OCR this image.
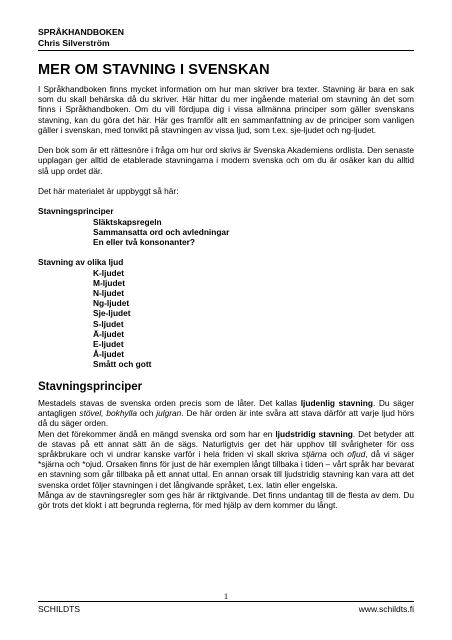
SPRÅKHANDBOKEN
Chris Silverström
MER OM STAVNING I SVENSKAN
I Språkhandboken finns mycket information om hur man skriver bra texter. Stavning är bara en sak som du skall behärska då du skriver. Här hittar du mer ingående material om stavning än det som finns i Språkhandboken. Om du vill fördjupa dig i vissa allmänna principer som gäller svenskans stavning, kan du göra det här. Här ges framför allt en sammanfattning av de principer som vanligen gäller i svenskan, med tonvikt på stavningen av vissa ljud, som t.ex. sje-ljudet och ng-ljudet.
Den bok som är ett rättesnöre i fråga om hur ord skrivs är Svenska Akademiens ordlista. Den senaste upplagan ger alltid de etablerade stavningarna i modern svenska och om du är osäker kan du alltid slå upp ordet där.
Det här materialet är uppbyggt så här:
Stavningsprinciper
Släktskapsregeln
Sammansatta ord och avledningar
En eller två konsonanter?
Stavning av olika ljud
K-ljudet
M-ljudet
N-ljudet
Ng-ljudet
Sje-ljudet
S-ljudet
Ä-ljudet
E-ljudet
Å-ljudet
Smått och gott
Stavningsprinciper
Mestadels stavas de svenska orden precis som de låter. Det kallas ljudenlig stavning. Du säger antagligen stövel, bokhylla och julgran. De här orden är inte svåra att stava därför att varje ljud hörs då du säger orden.
Men det förekommer ändå en mängd svenska ord som har en ljudstridig stavning. Det betyder att de stavas på ett annat sätt än de sägs. Naturligtvis ger det här upphov till svårigheter för oss språkbrukare och vi undrar kanske varför i hela friden vi skall skriva stjärna och ofjud, då vi säger *sjärna och *ojud. Orsaken finns för just de här exemplen långt tillbaka i tiden – vårt språk har bevarat en stavning som går tillbaka på ett annat uttal. En annan orsak till ljudstridig stavning kan vara att det svenska ordet följer stavningen i det långivande språket, t.ex. latin eller engelska.
Många av de stavningsregler som ges här är riktgivande. Det finns undantag till de flesta av dem. Du gör trots det klokt i att begrunda reglerna, för med hjälp av dem kommer du långt.
1
SCHILDTS	www.schildts.fi
